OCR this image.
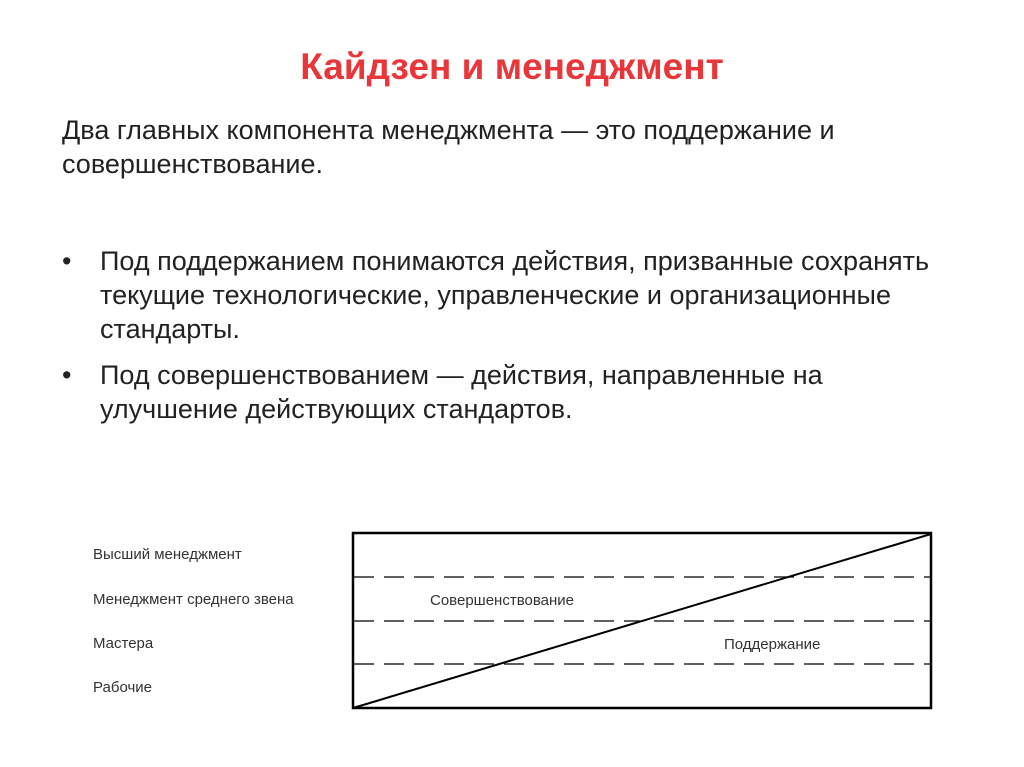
Кайдзен и менеджмент

Два главных компонента менеджмента — это поддержание и совершенствование.

•	Под поддержанием понимаются действия, призванные сохранять текущие технологические, управленческие и организационные стандарты.
•	Под совершенствованием — действия, направленные на улучшение действующих стандартов.
Высший менеджмент
Менеджмент среднего звена
Мастера
Рабочие
Совершенствование
Поддержание
